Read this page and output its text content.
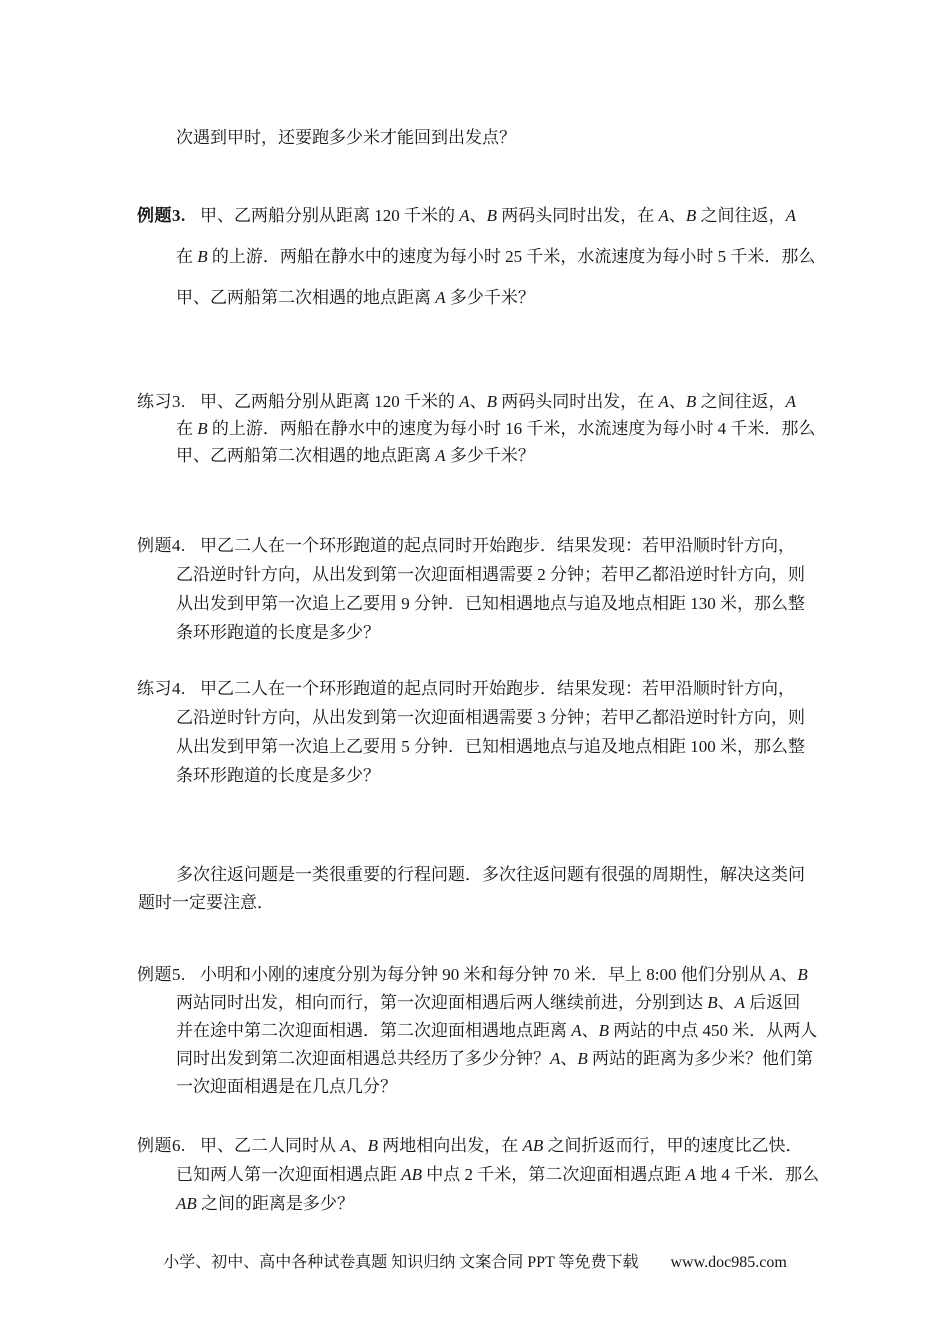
次遇到甲时，还要跑多少米才能回到出发点？
例题3. 甲、乙两船分别从距离 120 千米的 A、B 两码头同时出发，在 A、B 之间往返，A
在 B 的上游．两船在静水中的速度为每小时 25 千米，水流速度为每小时 5 千米．那么
甲、乙两船第二次相遇的地点距离 A 多少千米？
练习3. 甲、乙两船分别从距离 120 千米的 A、B 两码头同时出发，在 A、B 之间往返，A
在 B 的上游．两船在静水中的速度为每小时 16 千米，水流速度为每小时 4 千米．那么
甲、乙两船第二次相遇的地点距离 A 多少千米？
例题4. 甲乙二人在一个环形跑道的起点同时开始跑步．结果发现：若甲沿顺时针方向，
乙沿逆时针方向，从出发到第一次迎面相遇需要 2 分钟；若甲乙都沿逆时针方向，则
从出发到甲第一次追上乙要用 9 分钟．已知相遇地点与追及地点相距 130 米，那么整
条环形跑道的长度是多少？
练习4. 甲乙二人在一个环形跑道的起点同时开始跑步．结果发现：若甲沿顺时针方向，
乙沿逆时针方向，从出发到第一次迎面相遇需要 3 分钟；若甲乙都沿逆时针方向，则
从出发到甲第一次追上乙要用 5 分钟．已知相遇地点与追及地点相距 100 米，那么整
条环形跑道的长度是多少？
多次往返问题是一类很重要的行程问题．多次往返问题有很强的周期性，解决这类问
题时一定要注意．
例题5. 小明和小刚的速度分别为每分钟 90 米和每分钟 70 米．早上 8:00 他们分别从 A、B
两站同时出发，相向而行，第一次迎面相遇后两人继续前进，分别到达 B、A 后返回
并在途中第二次迎面相遇．第二次迎面相遇地点距离 A、B 两站的中点 450 米．从两人
同时出发到第二次迎面相遇总共经历了多少分钟？A、B 两站的距离为多少米？他们第
一次迎面相遇是在几点几分？
例题6. 甲、乙二人同时从 A、B 两地相向出发，在 AB 之间折返而行，甲的速度比乙快．
已知两人第一次迎面相遇点距 AB 中点 2 千米，第二次迎面相遇点距 A 地 4 千米．那么
AB 之间的距离是多少？
小学、初中、高中各种试卷真题 知识归纳 文案合同 PPT 等免费下载　　www.doc985.com
